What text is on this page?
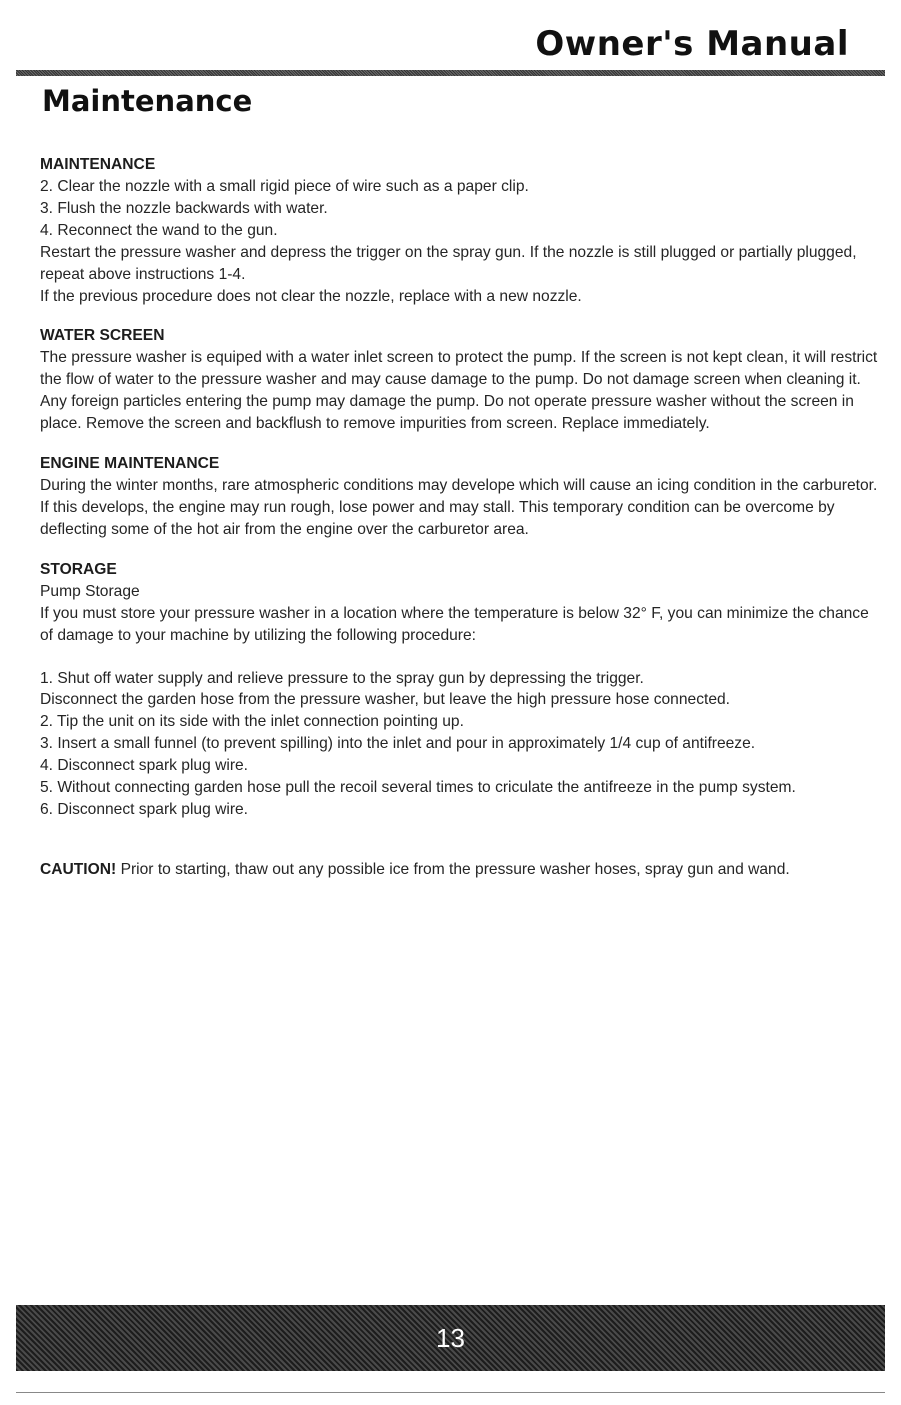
Owner's Manual
Maintenance
MAINTENANCE

2. Clear the nozzle with a small rigid piece of wire such as a paper clip.

3. Flush the nozzle backwards with water.

4. Reconnect the wand to the gun.

Restart the pressure washer and depress the trigger on the spray gun. If the nozzle is still plugged or partially plugged, repeat above instructions 1-4.

If the previous procedure does not clear the nozzle, replace with a new nozzle.

WATER SCREEN

The pressure washer is equiped with a water inlet screen to protect the pump. If the screen is not kept clean, it will restrict the flow of water to the pressure washer and may cause damage to the pump. Do not damage screen when cleaning it. Any foreign particles entering the pump may damage the pump. Do not operate pressure washer without the screen in place. Remove the screen and backflush to remove impurities from screen. Replace immediately.

ENGINE MAINTENANCE

During the winter months, rare atmospheric conditions may develope which will cause an icing condition in the carburetor. If this develops, the engine may run rough, lose power and may stall. This temporary condition can be overcome by deflecting some of the hot air from the engine over the carburetor area.

STORAGE

Pump Storage

If you must store your pressure washer in a location where the temperature is below 32° F, you can minimize the chance of damage to your machine by utilizing the following procedure:

1. Shut off water supply and relieve pressure to the spray gun by depressing the trigger.

Disconnect the garden hose from the pressure washer, but leave the high pressure hose connected.

2. Tip the unit on its side with the inlet connection pointing up.

3. Insert a small funnel (to prevent spilling) into the inlet and pour in approximately 1/4 cup of antifreeze.

4. Disconnect spark plug wire.

5. Without connecting garden hose pull the recoil several times to criculate the antifreeze in the pump system.

6. Disconnect spark plug wire.

CAUTION! Prior to starting, thaw out any possible ice from the pressure washer hoses, spray gun and wand.

13
